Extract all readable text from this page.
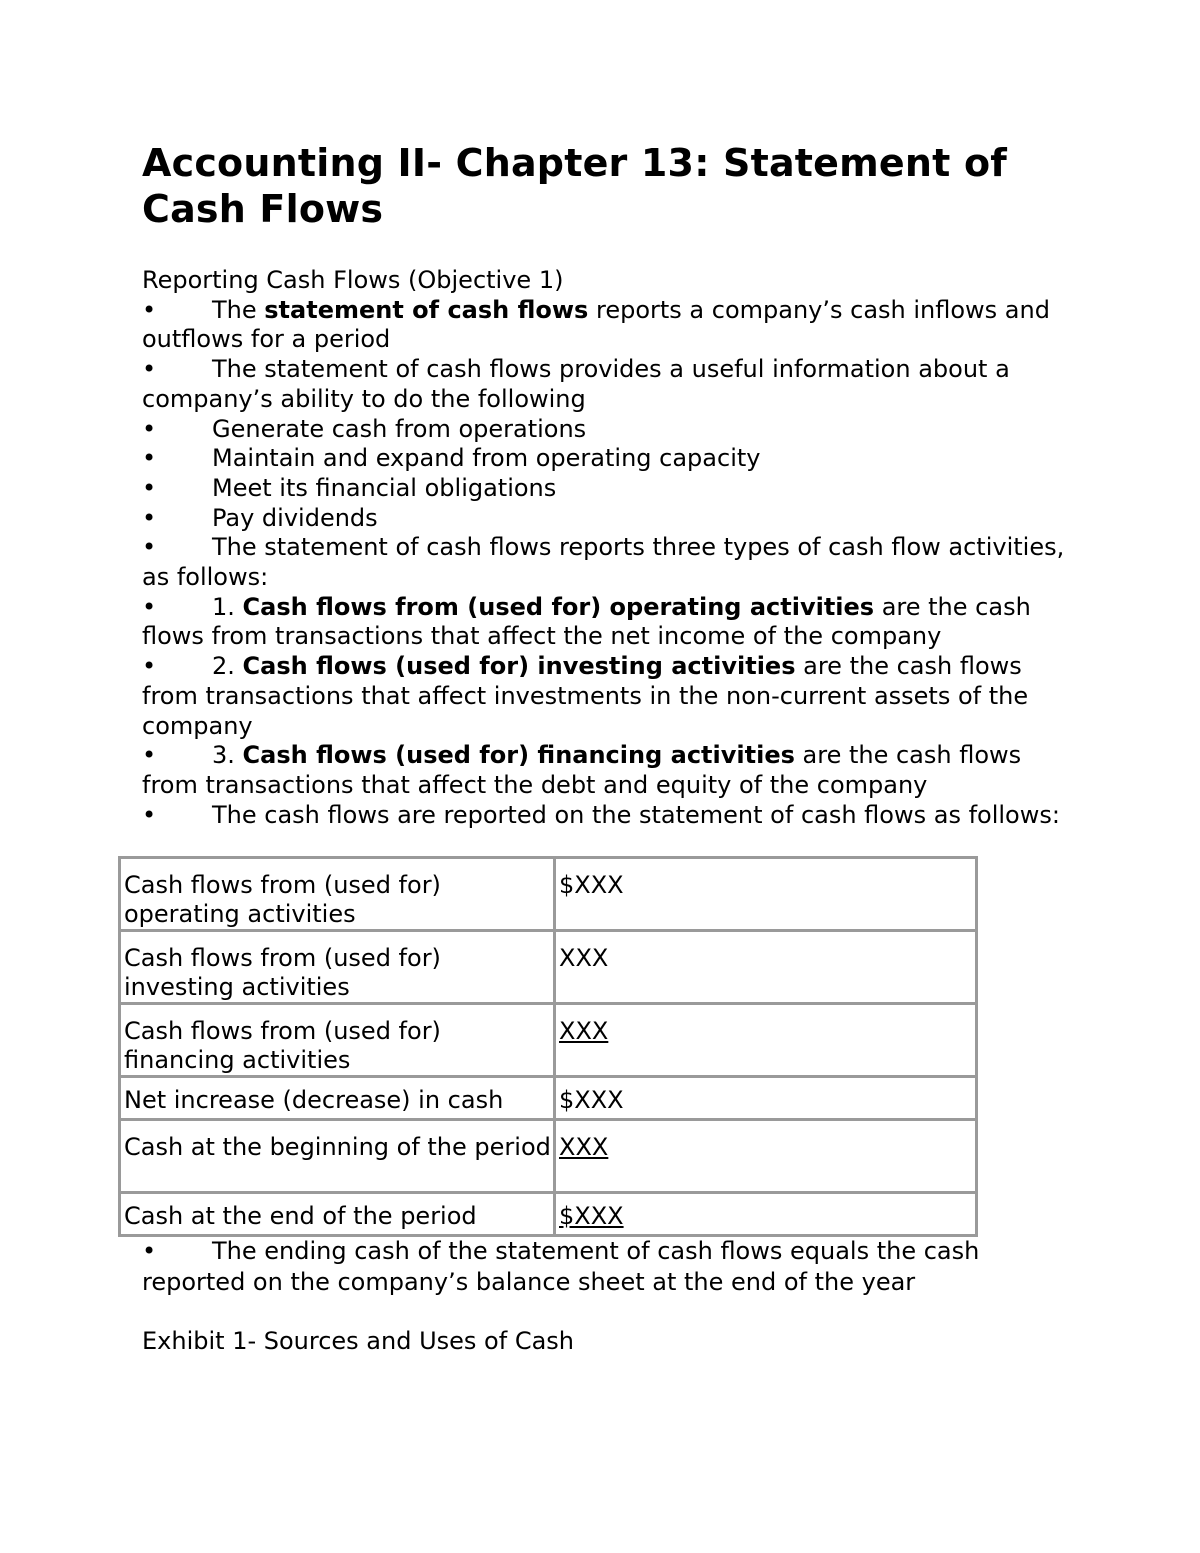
Accounting II- Chapter 13: Statement of Cash Flows

Reporting Cash Flows (Objective 1)

• The statement of cash flows reports a company’s cash inflows and outflows for a period

• The statement of cash flows provides a useful information about a company’s ability to do the following

• Generate cash from operations

• Maintain and expand from operating capacity

• Meet its financial obligations

• Pay dividends

• The statement of cash flows reports three types of cash flow activities, as follows:

• 1. Cash flows from (used for) operating activities are the cash flows from transactions that affect the net income of the company

• 2. Cash flows (used for) investing activities are the cash flows from transactions that affect investments in the non-current assets of the company

• 3. Cash flows (used for) financing activities are the cash flows from transactions that affect the debt and equity of the company

• The cash flows are reported on the statement of cash flows as follows:

Cash flows from (used for) operating activities	$XXX
Cash flows from (used for) investing activities	XXX
Cash flows from (used for) financing activities	XXX
Net increase (decrease) in cash	$XXX
Cash at the beginning of the period	XXX
Cash at the end of the period	$XXX
• The ending cash of the statement of cash flows equals the cash reported on the company’s balance sheet at the end of the year
Exhibit 1- Sources and Uses of Cash
